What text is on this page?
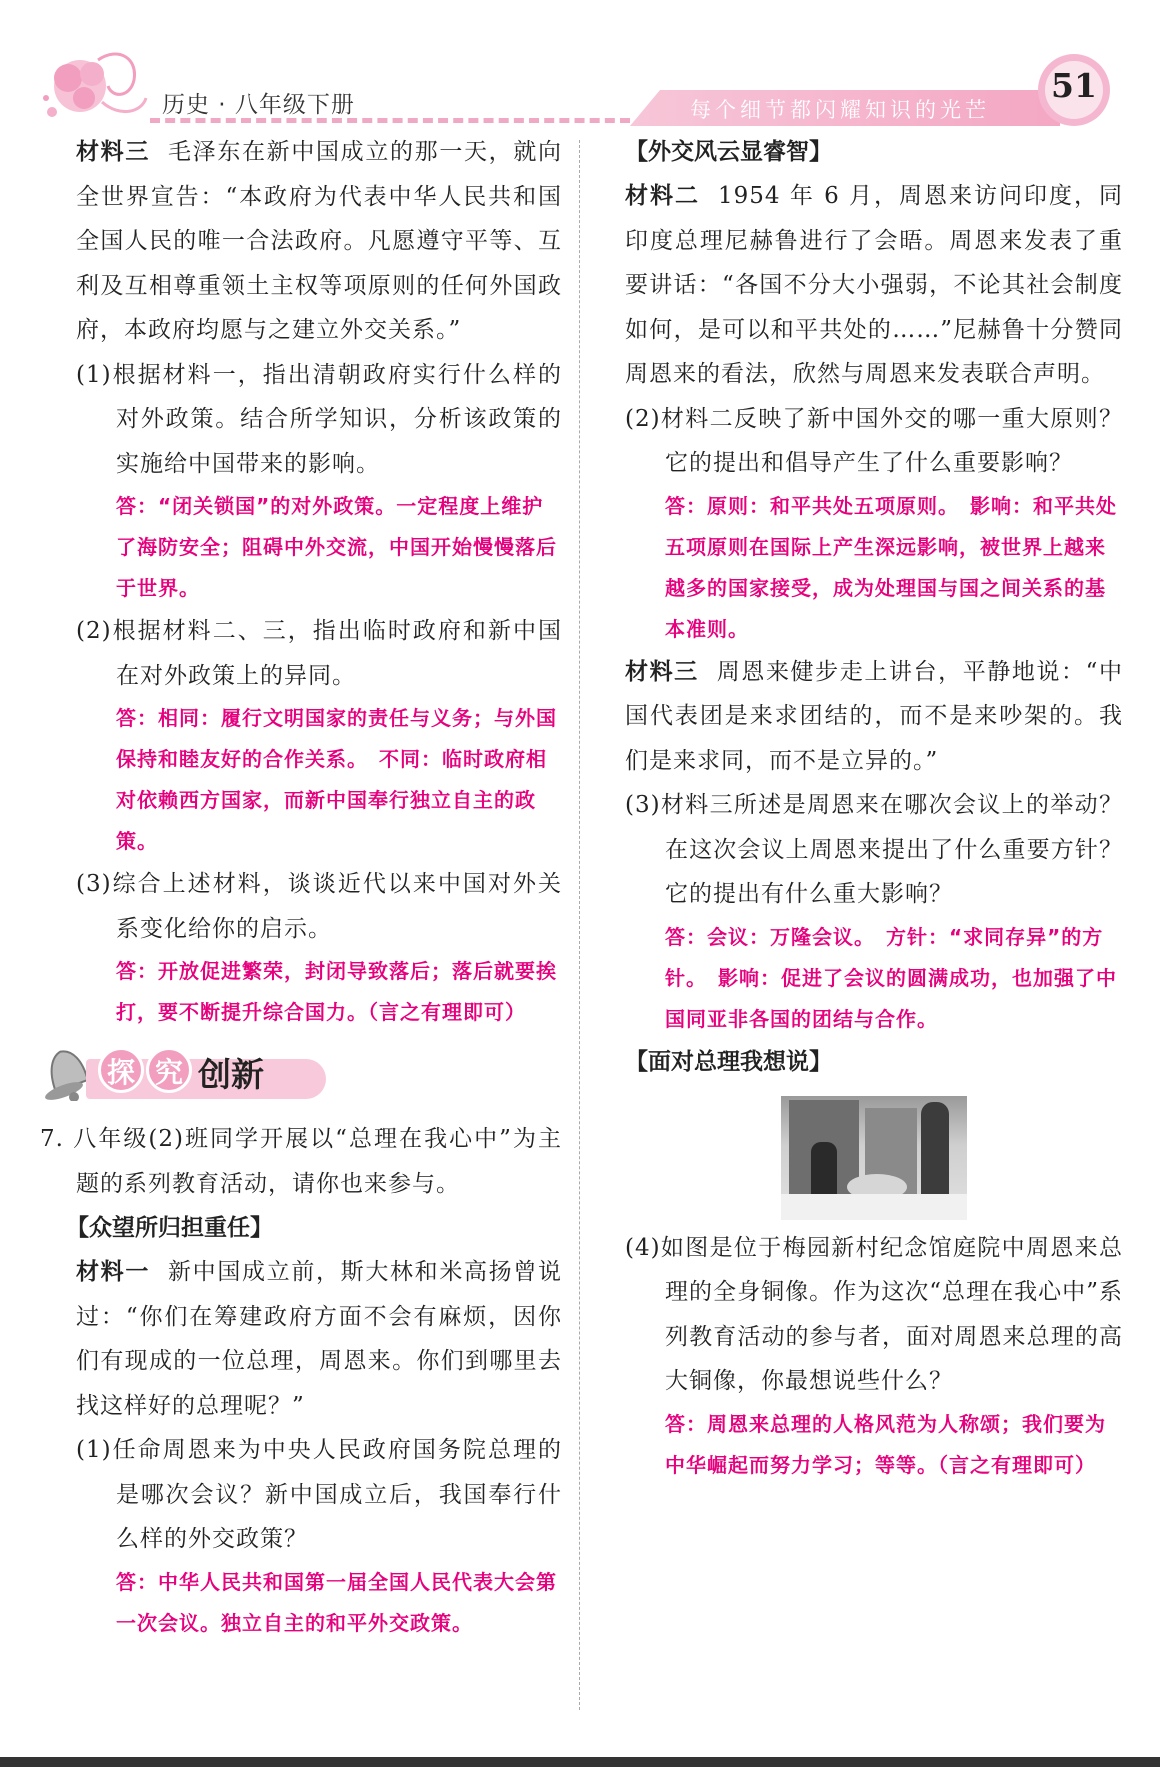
历史 · 八年级下册	每个细节都闪耀知识的光芒
51

材料三 毛泽东在新中国成立的那一天，就向全世界宣告：“本政府为代表中华人民共和国全国人民的唯一合法政府。凡愿遵守平等、互利及互相尊重领土主权等项原则的任何外国政府，本政府均愿与之建立外交关系。”

(1)根据材料一，指出清朝政府实行什么样的对外政策。结合所学知识，分析该政策的实施给中国带来的影响。

答：“闭关锁国”的对外政策。一定程度上维护了海防安全；阻碍中外交流，中国开始慢慢落后于世界。

(2)根据材料二、三，指出临时政府和新中国在对外政策上的异同。

答：相同：履行文明国家的责任与义务；与外国保持和睦友好的合作关系。　不同：临时政府相对依赖西方国家，而新中国奉行独立自主的政策。

(3)综合上述材料，谈谈近代以来中国对外关系变化给你的启示。

答：开放促进繁荣，封闭导致落后；落后就要挨打，要不断提升综合国力。（言之有理即可）

探 究 创新

7. 八年级(2)班同学开展以“总理在我心中”为主题的系列教育活动，请你也来参与。

【众望所归担重任】

材料一 新中国成立前，斯大林和米高扬曾说过：“你们在筹建政府方面不会有麻烦，因你们有现成的一位总理，周恩来。你们到哪里去找这样好的总理呢？”

(1)任命周恩来为中央人民政府国务院总理的是哪次会议？新中国成立后，我国奉行什么样的外交政策？

答：中华人民共和国第一届全国人民代表大会第一次会议。独立自主的和平外交政策。

【外交风云显睿智】

材料二 1954 年 6 月，周恩来访问印度，同印度总理尼赫鲁进行了会晤。周恩来发表了重要讲话：“各国不分大小强弱，不论其社会制度如何，是可以和平共处的……”尼赫鲁十分赞同周恩来的看法，欣然与周恩来发表联合声明。

(2)材料二反映了新中国外交的哪一重大原则？它的提出和倡导产生了什么重要影响？

答：原则：和平共处五项原则。　影响：和平共处五项原则在国际上产生深远影响，被世界上越来越多的国家接受，成为处理国与国之间关系的基本准则。

材料三 周恩来健步走上讲台，平静地说：“中国代表团是来求团结的，而不是来吵架的。我们是来求同，而不是立异的。”

(3)材料三所述是周恩来在哪次会议上的举动？在这次会议上周恩来提出了什么重要方针？它的提出有什么重大影响？

答：会议：万隆会议。　方针：“求同存异”的方针。　影响：促进了会议的圆满成功，也加强了中国同亚非各国的团结与合作。

【面对总理我想说】

(4)如图是位于梅园新村纪念馆庭院中周恩来总理的全身铜像。作为这次“总理在我心中”系列教育活动的参与者，面对周恩来总理的高大铜像，你最想说些什么？

答：周恩来总理的人格风范为人称颂；我们要为中华崛起而努力学习；等等。（言之有理即可）
